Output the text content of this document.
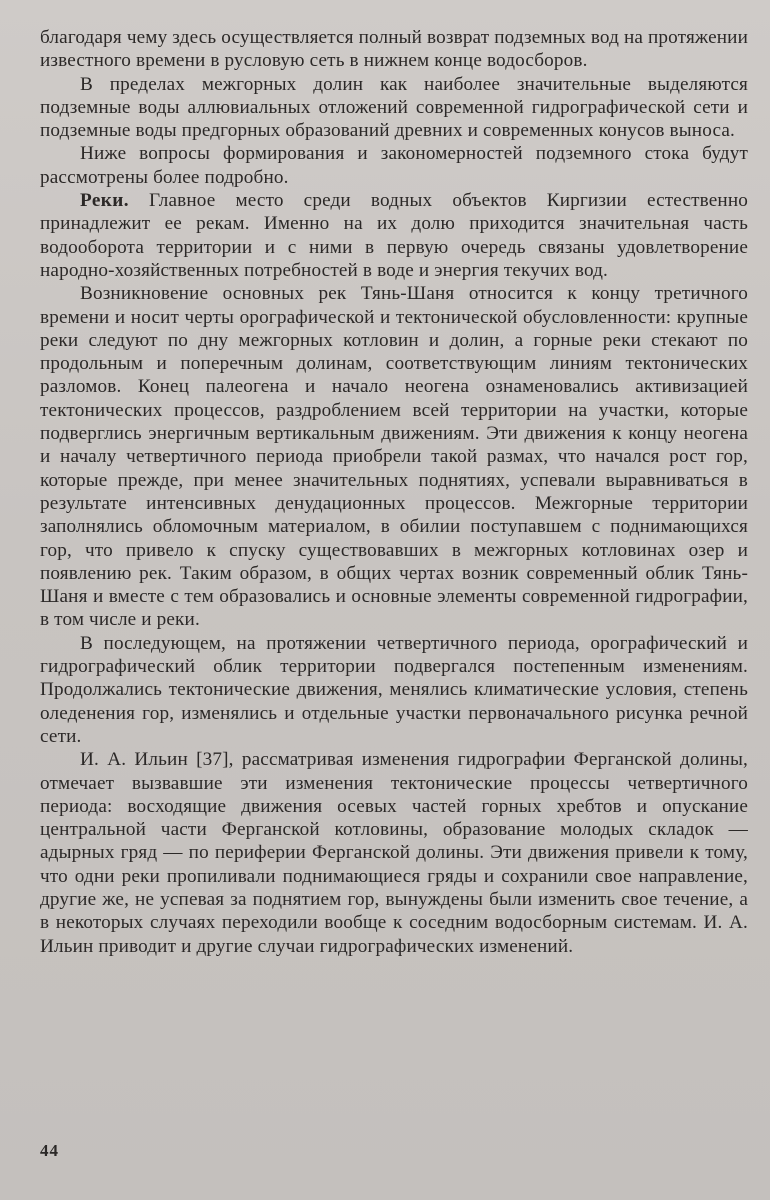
благодаря чему здесь осуществляется полный возврат подземных вод на протяжении известного времени в русловую сеть в нижнем конце водосборов.

В пределах межгорных долин как наиболее значительные выделяются подземные воды аллювиальных отложений современной гидрографической сети и подземные воды предгорных образований древних и современных конусов выноса.

Ниже вопросы формирования и закономерностей подземного стока будут рассмотрены более подробно.

Реки. Главное место среди водных объектов Киргизии естественно принадлежит ее рекам. Именно на их долю приходится значительная часть водооборота территории и с ними в первую очередь связаны удовлетворение народно-хозяйственных потребностей в воде и энергия текучих вод.

Возникновение основных рек Тянь-Шаня относится к концу третичного времени и носит черты орографической и тектонической обусловленности: крупные реки следуют по дну межгорных котловин и долин, а горные реки стекают по продольным и поперечным долинам, соответствующим линиям тектонических разломов. Конец палеогена и начало неогена ознаменовались активизацией тектонических процессов, раздроблением всей территории на участки, которые подверглись энергичным вертикальным движениям. Эти движения к концу неогена и началу четвертичного периода приобрели такой размах, что начался рост гор, которые прежде, при менее значительных поднятиях, успевали выравниваться в результате интенсивных денудационных процессов. Межгорные территории заполнялись обломочным материалом, в обилии поступавшем с поднимающихся гор, что привело к спуску существовавших в межгорных котловинах озер и появлению рек. Таким образом, в общих чертах возник современный облик Тянь-Шаня и вместе с тем образовались и основные элементы современной гидрографии, в том числе и реки.

В последующем, на протяжении четвертичного периода, орографический и гидрографический облик территории подвергался постепенным изменениям. Продолжались тектонические движения, менялись климатические условия, степень оледенения гор, изменялись и отдельные участки первоначального рисунка речной сети.

И. А. Ильин [37], рассматривая изменения гидрографии Ферганской долины, отмечает вызвавшие эти изменения тектонические процессы четвертичного периода: восходящие движения осевых частей горных хребтов и опускание центральной части Ферганской котловины, образование молодых складок — адырных гряд — по периферии Ферганской долины. Эти движения привели к тому, что одни реки пропиливали поднимающиеся гряды и сохранили свое направление, другие же, не успевая за поднятием гор, вынуждены были изменить свое течение, а в некоторых случаях переходили вообще к соседним водосборным системам. И. А. Ильин приводит и другие случаи гидрографических изменений.

44
